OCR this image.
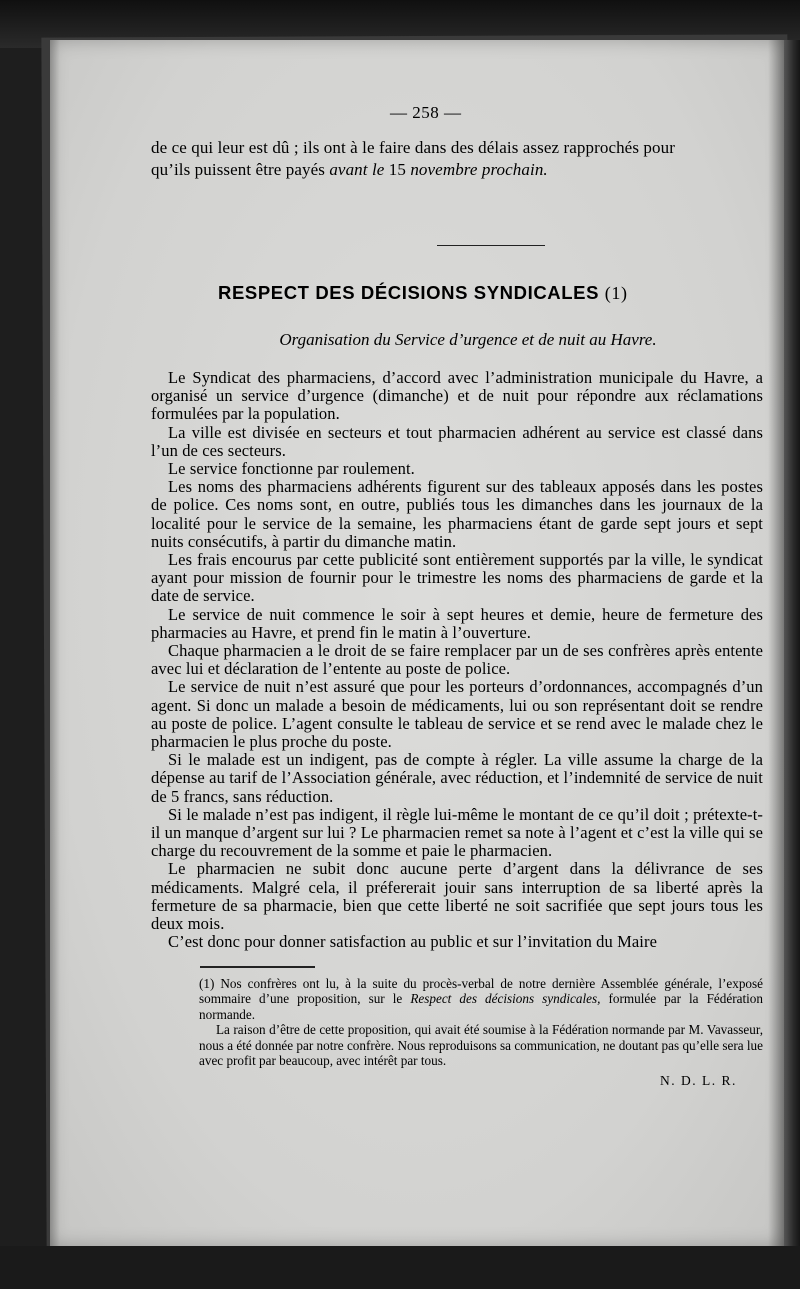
— 258 —

de ce qui leur est dû ; ils ont à le faire dans des délais assez rapprochés pour

qu’ils puissent être payés avant le 15 novembre prochain.

RESPECT DES DÉCISIONS SYNDICALES (1)
Organisation du Service d’urgence et de nuit au Havre.

Le Syndicat des pharmaciens, d’accord avec l’administration municipale du Havre, a organisé un service d’urgence (dimanche) et de nuit pour répondre aux réclamations formulées par la population.

La ville est divisée en secteurs et tout pharmacien adhérent au service est classé dans l’un de ces secteurs.

Le service fonctionne par roulement.

Les noms des pharmaciens adhérents figurent sur des tableaux apposés dans les postes de police. Ces noms sont, en outre, publiés tous les dimanches dans les journaux de la localité pour le service de la semaine, les pharmaciens étant de garde sept jours et sept nuits consécutifs, à partir du dimanche matin.

Les frais encourus par cette publicité sont entièrement supportés par la ville, le syndicat ayant pour mission de fournir pour le trimestre les noms des pharmaciens de garde et la date de service.

Le service de nuit commence le soir à sept heures et demie, heure de fermeture des pharmacies au Havre, et prend fin le matin à l’ouverture.

Chaque pharmacien a le droit de se faire remplacer par un de ses confrères après entente avec lui et déclaration de l’entente au poste de police.

Le service de nuit n’est assuré que pour les porteurs d’ordonnances, accompagnés d’un agent. Si donc un malade a besoin de médicaments, lui ou son représentant doit se rendre au poste de police. L’agent consulte le tableau de service et se rend avec le malade chez le pharmacien le plus proche du poste.

Si le malade est un indigent, pas de compte à régler. La ville assume la charge de la dépense au tarif de l’Association générale, avec réduction, et l’indemnité de service de nuit de 5 francs, sans réduction.

Si le malade n’est pas indigent, il règle lui-même le montant de ce qu’il doit ; prétexte-t-il un manque d’argent sur lui ? Le pharmacien remet sa note à l’agent et c’est la ville qui se charge du recouvrement de la somme et paie le pharmacien.

Le pharmacien ne subit donc aucune perte d’argent dans la délivrance de ses médicaments. Malgré cela, il préfererait jouir sans interruption de sa liberté après la fermeture de sa pharmacie, bien que cette liberté ne soit sacrifiée que sept jours tous les deux mois.

C’est donc pour donner satisfaction au public et sur l’invitation du Maire

(1) Nos confrères ont lu, à la suite du procès-verbal de notre dernière Assemblée générale, l’exposé sommaire d’une proposition, sur le Respect des décisions syndicales, formulée par la Fédération normande.

La raison d’être de cette proposition, qui avait été soumise à la Fédération normande par M. Vavasseur, nous a été donnée par notre confrère. Nous reproduisons sa communication, ne doutant pas qu’elle sera lue avec profit par beaucoup, avec intérêt par tous.

N. D. L. R.
